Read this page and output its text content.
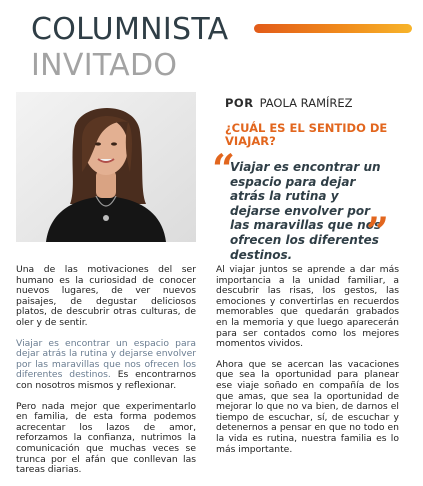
COLUMNISTA
INVITADO
POR PAOLA RAMÍREZ
¿CUÁL ES EL SENTIDO DE VIAJAR?
“
Viajar es encontrar un espacio para dejar atrás la rutina y dejarse envolver por las maravillas que nos ofrecen los diferentes destinos.	”

Una de las motivaciones del ser humano es la curiosidad de conocer nuevos lugares, de ver nuevos paisajes, de degustar deliciosos platos, de descubrir otras culturas, de oler y de sentir.

Viajar es encontrar un espacio para dejar atrás la rutina y dejarse envolver por las maravillas que nos ofrecen los diferentes destinos. Es encontrarnos con nosotros mismos y reflexionar.

Pero nada mejor que experimentarlo en familia, de esta forma podemos acrecentar los lazos de amor, reforzamos la confianza, nutrimos la comunicación que muchas veces se trunca por el afán que conllevan las tareas diarias.

Al viajar juntos se aprende a dar más importancia a la unidad familiar, a descubrir las risas, los gestos, las emociones y convertirlas en recuerdos memorables que quedarán grabados en la memoria y que luego aparecerán para ser contados como los mejores momentos vividos.

Ahora que se acercan las vacaciones que sea la oportunidad para planear ese viaje soñado en compañía de los que amas, que sea la oportunidad de mejorar lo que no va bien, de darnos el tiempo de escuchar, sí, de escuchar y detenernos a pensar en que no todo en la vida es rutina, nuestra familia es lo más importante.
